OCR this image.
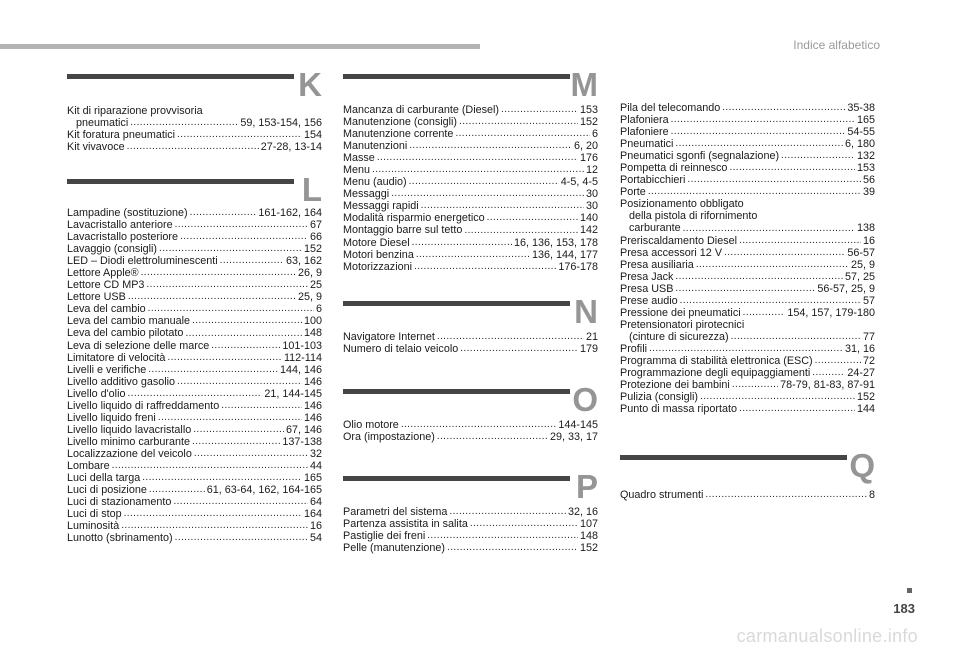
Indice alfabetico
K
Kit di riparazione provvisoria
pneumatici .....	59, 153-154, 156
Kit foratura pneumatici .....	154
Kit vivavoce .....	27-28, 13-14
L
Lampadine (sostituzione) .....	161-162, 164
Lavacristallo anteriore .....	67
Lavacristallo posteriore .....	66
Lavaggio (consigli) .....	152
LED – Diodi elettroluminescenti .....	63, 162
Lettore Apple® .....	26, 9
Lettore CD MP3 .....	25
Lettore USB .....	25, 9
Leva del cambio .....	6
Leva del cambio manuale .....	100
Leva del cambio pilotato .....	148
Leva di selezione delle marce .....	101-103
Limitatore di velocità .....	112-114
Livelli e verifiche .....	144, 146
Livello additivo gasolio .....	146
Livello d'olio .....	21, 144-145
Livello liquido di raffreddamento .....	146
Livello liquido freni .....	146
Livello liquido lavacristallo .....	67, 146
Livello minimo carburante .....	137-138
Localizzazione del veicolo .....	32
Lombare .....	44
Luci della targa .....	165
Luci di posizione .....	61, 63-64, 162, 164-165
Luci di stazionamento .....	64
Luci di stop .....	164
Luminosità .....	16
Lunotto (sbrinamento) .....	54
M
Mancanza di carburante (Diesel) .....	153
Manutenzione (consigli) .....	152
Manutenzione corrente .....	6
Manutenzioni .....	6, 20
Masse .....	176
Menu .....	12
Menu (audio) .....	4-5, 4-5
Messaggi .....	30
Messaggi rapidi .....	30
Modalità risparmio energetico .....	140
Montaggio barre sul tetto .....	142
Motore Diesel .....	16, 136, 153, 178
Motori benzina .....	136, 144, 177
Motorizzazioni .....	176-178
N
Navigatore Internet .....	21
Numero di telaio veicolo .....	179
O
Olio motore .....	144-145
Ora (impostazione) .....	29, 33, 17
P
Parametri del sistema .....	32, 16
Partenza assistita in salita .....	107
Pastiglie dei freni .....	148
Pelle (manutenzione) .....	152
Pila del telecomando .....	35-38
Plafoniera .....	165
Plafoniere .....	54-55
Pneumatici .....	6, 180
Pneumatici sgonfi (segnalazione) .....	132
Pompetta di reinnesco .....	153
Portabicchieri .....	56
Porte .....	39
Posizionamento obbligato
della pistola di rifornimento
carburante .....	138
Preriscaldamento Diesel .....	16
Presa accessori 12 V .....	56-57
Presa ausiliaria .....	25, 9
Presa Jack .....	57, 25
Presa USB .....	56-57, 25, 9
Prese audio .....	57
Pressione dei pneumatici .....	154, 157, 179-180
Pretensionatori pirotecnici
(cinture di sicurezza) .....	77
Profili .....	31, 16
Programma di stabilità elettronica (ESC) .....	72
Programmazione degli equipaggiamenti .....	24-27
Protezione dei bambini .....	78-79, 81-83, 87-91
Pulizia (consigli) .....	152
Punto di massa riportato .....	144
Q
Quadro strumenti .....	8
183
carmanualsonline.info
